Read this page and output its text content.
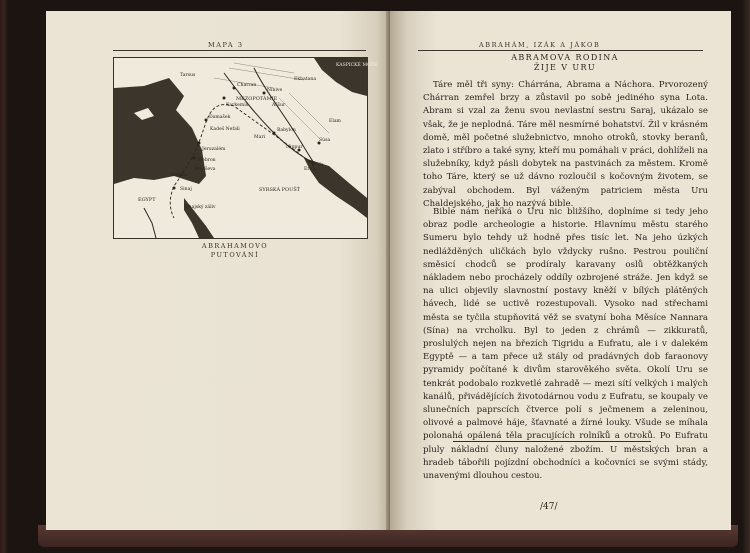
MAPA 3
KASPICKÉ MOŘE
MEZOPOTÁMIE
SYRSKÁ POUŠŤ
EGYPT
Charran
Karkemiš
Ninive
Mari
Babylon
Nippur
Ur
Eridu
Elam
Súsa
Tarsus
Kadeš Nefali
Damašek
Jeruzalém
Hebron
Memfis
Beerševa
Sinaj
Sinajský záliv
Aššur
Ekbatana
ABRAHAMOVO
PUTOVÁNÍ
ABRAHÁM, IZÁK A JÁKOB
ABRAMOVA RODINA
ŽIJE V URU

Táre měl tři syny: Chárrána, Abrama a Náchora. Prvorozený Chárran zemřel brzy a zůstavil po sobě jediného syna Lota. Abram si vzal za ženu svou nevlastní sestru Saraj, ukázalo se však, že je neplodná. Táre měl nesmírné bohatství. Žil v krásném domě, měl početné služebnictvo, mnoho otroků, stovky beranů, zlato i stříbro a také syny, kteří mu pomáhali v práci, dohlíželi na služebníky, když pásli dobytek na pastvinách za městem. Kromě toho Táre, který se už dávno rozloučil s kočovným životem, se zabýval obchodem. Byl váženým patriciem města Uru Chaldejského, jak ho nazývá bible.

Bible nám neříká o Uru nic bližšího, doplníme si tedy jeho obraz podle archeologie a historie. Hlavnímu městu starého Sumeru bylo tehdy už hodně přes tisíc let. Na jeho úzkých nedlážděných uličkách bylo vždycky rušno. Pestrou pouliční směsicí chodců se prodíraly karavany oslů obtěžkaných nákladem nebo procházely oddíly ozbrojené stráže. Jen když se na ulici objevily slavnostní postavy kněží v bílých plátěných hávech, lidé se uctivě rozestupovali. Vysoko nad střechami města se tyčila stupňovitá věž se svatyní boha Měsíce Nannara (Sína) na vrcholku. Byl to jeden z chrámů — zikkuratů, proslulých nejen na březích Tigridu a Eufratu, ale i v dalekém Egyptě — a tam přece už stály od pradávných dob faraonovy pyramidy počítané k divům starověkého světa. Okolí Uru se tenkrát podobalo rozkvetlé zahradě — mezi sítí velkých i malých kanálů, přivádějících životodárnou vodu z Eufratu, se koupaly ve slunečních paprscích čtverce polí s ječmenem a zeleninou, olivové a palmové háje, šťavnaté a žírné louky. Všude se míhala polonahá opálená těla pracujících rolníků a otroků. Po Eufratu pluly nákladní čluny naložené zbožím. U městských bran a hradeb tábořili pojízdní obchodníci a kočovníci se svými stády, unavenými dlouhou cestou.

/47/
